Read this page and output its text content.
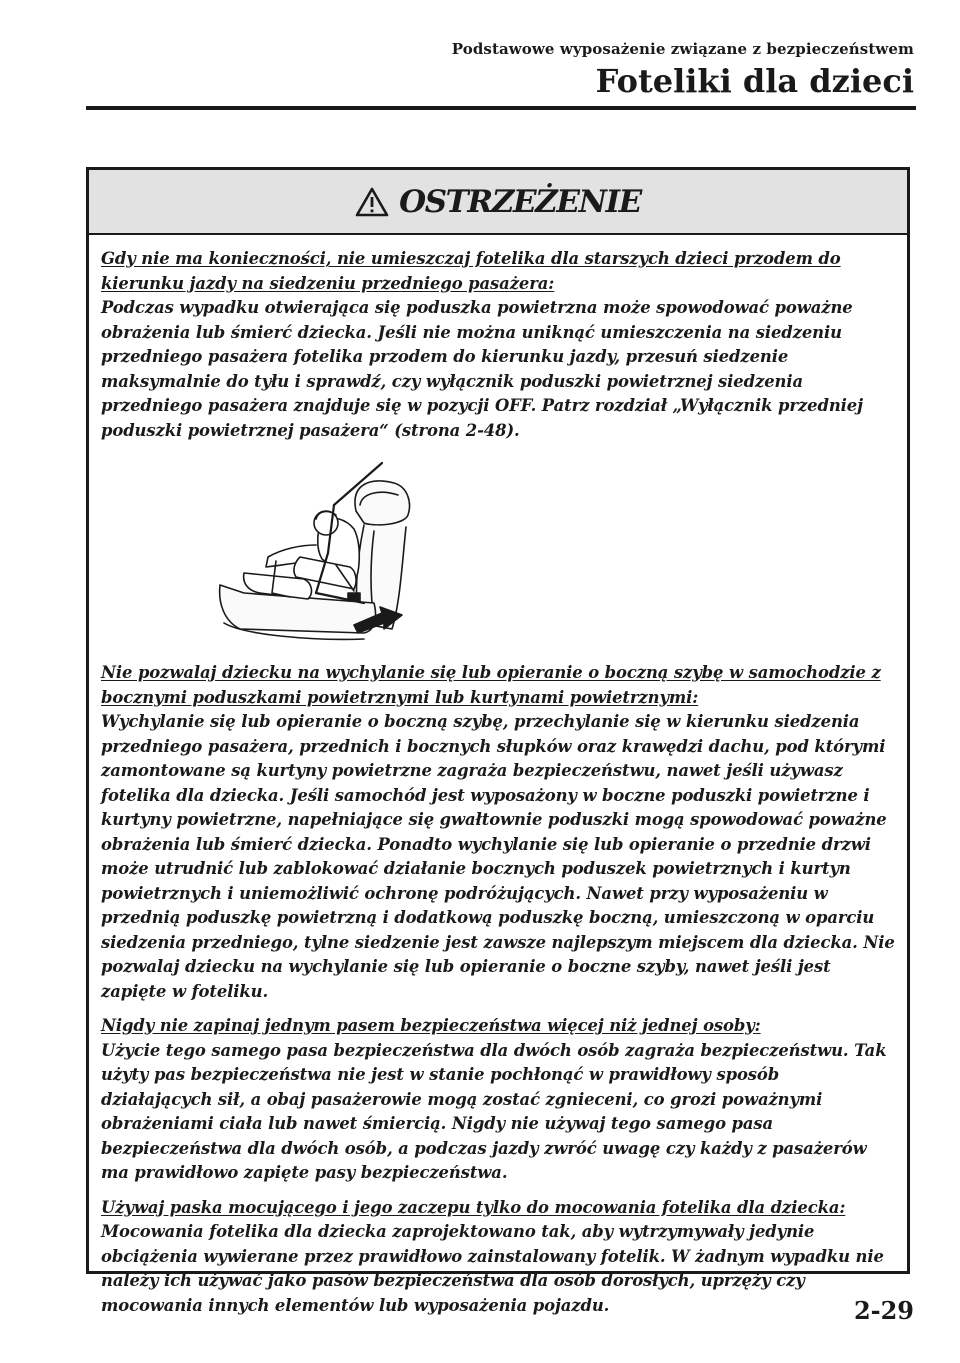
Podstawowe wyposażenie związane z bezpieczeństwem
Foteliki dla dzieci
OSTRZEŻENIE

Gdy nie ma konieczności, nie umieszczaj fotelika dla starszych dzieci przodem do kierunku jazdy na siedzeniu przedniego pasażera:

Podczas wypadku otwierająca się poduszka powietrzna może spowodować poważne obrażenia lub śmierć dziecka. Jeśli nie można uniknąć umieszczenia na siedzeniu przedniego pasażera fotelika przodem do kierunku jazdy, przesuń siedzenie maksymalnie do tyłu i sprawdź, czy wyłącznik poduszki powietrznej siedzenia przedniego pasażera znajduje się w pozycji OFF. Patrz rozdział „Wyłącznik przedniej poduszki powietrznej pasażera“ (strona 2-48).

Nie pozwalaj dziecku na wychylanie się lub opieranie o boczną szybę w samochodzie z bocznymi poduszkami powietrznymi lub kurtynami powietrznymi:

Wychylanie się lub opieranie o boczną szybę, przechylanie się w kierunku siedzenia przedniego pasażera, przednich i bocznych słupków oraz krawędzi dachu, pod którymi zamontowane są kurtyny powietrzne zagraża bezpieczeństwu, nawet jeśli używasz fotelika dla dziecka. Jeśli samochód jest wyposażony w boczne poduszki powietrzne i kurtyny powietrzne, napełniające się gwałtownie poduszki mogą spowodować poważne obrażenia lub śmierć dziecka. Ponadto wychylanie się lub opieranie o przednie drzwi może utrudnić lub zablokować działanie bocznych poduszek powietrznych i kurtyn powietrznych i uniemożliwić ochronę podróżujących. Nawet przy wyposażeniu w przednią poduszkę powietrzną i dodatkową poduszkę boczną, umieszczoną w oparciu siedzenia przedniego, tylne siedzenie jest zawsze najlepszym miejscem dla dziecka. Nie pozwalaj dziecku na wychylanie się lub opieranie o boczne szyby, nawet jeśli jest zapięte w foteliku.

Nigdy nie zapinaj jednym pasem bezpieczeństwa więcej niż jednej osoby:

Użycie tego samego pasa bezpieczeństwa dla dwóch osób zagraża bezpieczeństwu. Tak użyty pas bezpieczeństwa nie jest w stanie pochłonąć w prawidłowy sposób działających sił, a obaj pasażerowie mogą zostać zgnieceni, co grozi poważnymi obrażeniami ciała lub nawet śmiercią. Nigdy nie używaj tego samego pasa bezpieczeństwa dla dwóch osób, a podczas jazdy zwróć uwagę czy każdy z pasażerów ma prawidłowo zapięte pasy bezpieczeństwa.

Używaj paska mocującego i jego zaczepu tylko do mocowania fotelika dla dziecka:

Mocowania fotelika dla dziecka zaprojektowano tak, aby wytrzymywały jedynie obciążenia wywierane przez prawidłowo zainstalowany fotelik. W żadnym wypadku nie należy ich używać jako pasów bezpieczeństwa dla osób dorosłych, uprzęży czy mocowania innych elementów lub wyposażenia pojazdu.	2-29
